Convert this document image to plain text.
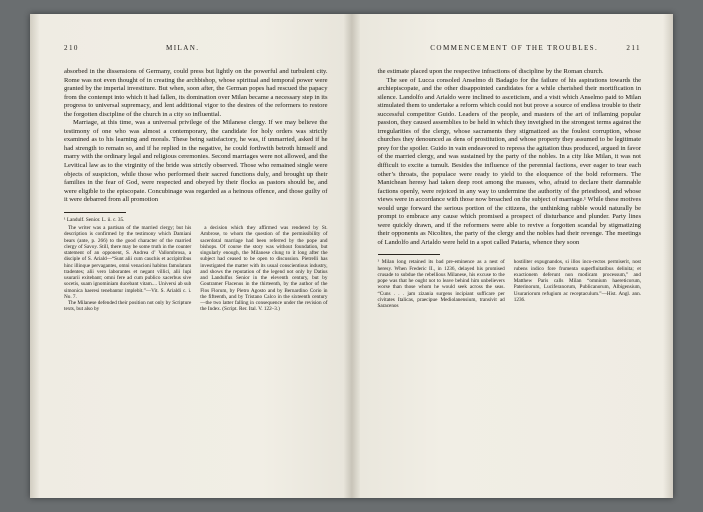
210	MILAN.

absorbed in the dissensions of Germany, could press but lightly on the powerful and turbulent city. Rome was not even thought of in creating the archbishop, whose spiritual and temporal power were granted by the imperial investiture. But when, soon after, the German popes had rescued the papacy from the contempt into which it had fallen, its domination over Milan became a necessary step in its progress to universal supremacy, and lent additional vigor to the desires of the reformers to restore the forgotten discipline of the church in a city so influential.

Marriage, at this time, was a universal privilege of the Milanese clergy. If we may believe the testimony of one who was almost a contemporary, the candidate for holy orders was strictly examined as to his learning and morals. These being satisfactory, he was, if unmarried, asked if he had strength to remain so, and if he replied in the negative, he could forthwith betroth himself and marry with the ordinary legal and religious ceremonies. Second marriages were not allowed, and the Levitical law as to the virginity of the bride was strictly observed. Those who remained single were objects of suspicion, while those who performed their sacred functions duly, and brought up their families in the fear of God, were respected and obeyed by their flocks as pastors should be, and were eligible to the episcopate. Concubinage was regarded as a heinous offence, and those guilty of it were debarred from all promotion

¹ Landulf. Senior. L. ii. c. 35.

The writer was a partisan of the married clergy; but his description is confirmed by the testimony which Damiani bears (ante, p. 266) to the good character of the married clergy of Savoy. Still, there may be some truth in the counter statement of an opponent, S. Andrea d’ Vallombrosa, a disciple of S. Ariald—“Sunt alii cum cauchis et accipitribus hinc illinque pervagantes, omni venacioni habitus famulatum tradentes; alii vero laborantes et negant villici, alii lupi usurarii exitebant; omni fere ad cum publico xacerbus sive socetis, suam ignominiam ducebant vitam.... Universi ab sub simonica haeresi tenebantur implebit.”—Vit. S. Arialdi c. i. No. 7.

The Milanese defended their position not only by Scripture texts, but also by

a decision which they affirmed was rendered by St. Ambrose, to whom the question of the permissibility of sacerdotal marriage had been referred by the pope and bishops. Of course the story was without foundation, but singularly enough, the Milanese clung to it long after the subject had ceased to be open to discussion. Pietrelli has investigated the matter with its usual conscientious industry, and shows the reputation of the legend not only by Datius and Landulfus Senior in the eleventh century, but by Goutramer Flacenus in the thirteenth, by the author of the Flos Florum, by Pietro Agosto and by Bernardino Corio in the fifteenth, and by Tristano Calco in the sixteenth century—the two latter falling in consequence under the revision of the Index. (Script. Rer. Ital. V. 122–3.)

COMMENCEMENT OF THE TROUBLES.	211

the estimate placed upon the respective infractions of discipline by the Roman church.

The see of Lucca consoled Anselmo di Badagio for the failure of his aspirations towards the archiepiscopate, and the other disappointed candidates for a while cherished their mortification in silence. Landolfo and Arialdo were inclined to asceticism, and a visit which Anselmo paid to Milan stimulated them to undertake a reform which could not but prove a source of endless trouble to their successful competitor Guido. Leaders of the people, and masters of the art of inflaming popular passion, they caused assemblies to be held in which they inveighed in the strongest terms against the irregularities of the clergy, whose sacraments they stigmatized as the foulest corruption, whose churches they denounced as dens of prostitution, and whose property they assumed to be legitimate prey for the spoiler. Guido in vain endeavored to repress the agitation thus produced, argued in favor of the married clergy, and was sustained by the party of the nobles. In a city like Milan, it was not difficult to excite a tumult. Besides the influence of the perennial factions, ever eager to tear each other’s throats, the populace were ready to yield to the eloquence of the bold reformers. The Manichean heresy had taken deep root among the masses, who, afraid to declare their damnable factions openly, were rejoiced in any way to undermine the authority of the priesthood, and whose views were in accordance with those now broached on the subject of marriage.¹ While these motives would urge forward the serious portion of the citizens, the unthinking rabble would naturally be prompt to embrace any cause which promised a prospect of disturbance and plunder. Party lines were quickly drawn, and if the reformers were able to revive a forgotten scandal by stigmatizing their opponents as Nicolites, the party of the clergy and the nobles had their revenge. The meetings of Landolfo and Arialdo were held in a spot called Pataria, whence they soon

¹ Milan long retained its bad pre-eminence as a nest of heresy. When Frederic II., in 1236, delayed his promised crusade to subdue the rebellious Milanese, his excuse to the pope was that he ought not to leave behind him unbelievers worse than those whom he would seek across the seas. “Cuns . . . jam zizania surgens incipiant sufficare per civitates Italicas, praecipue Mediolanensium, transivit ad Saracenos

hostiliter expugnandos, si illos inco-rectos permiserit, nost rubens indico fore frumenta superfluitatibus delinita; et exactionem deferunt non modicam processum,” and Matthew Paris calls Milan “omnium haereticorum, Paterinorum, Luciferanorum, Publicanorum, Albigensium, Usurariorum refugium ac receptaculum.”—Hist. Angl. ann. 1236.
